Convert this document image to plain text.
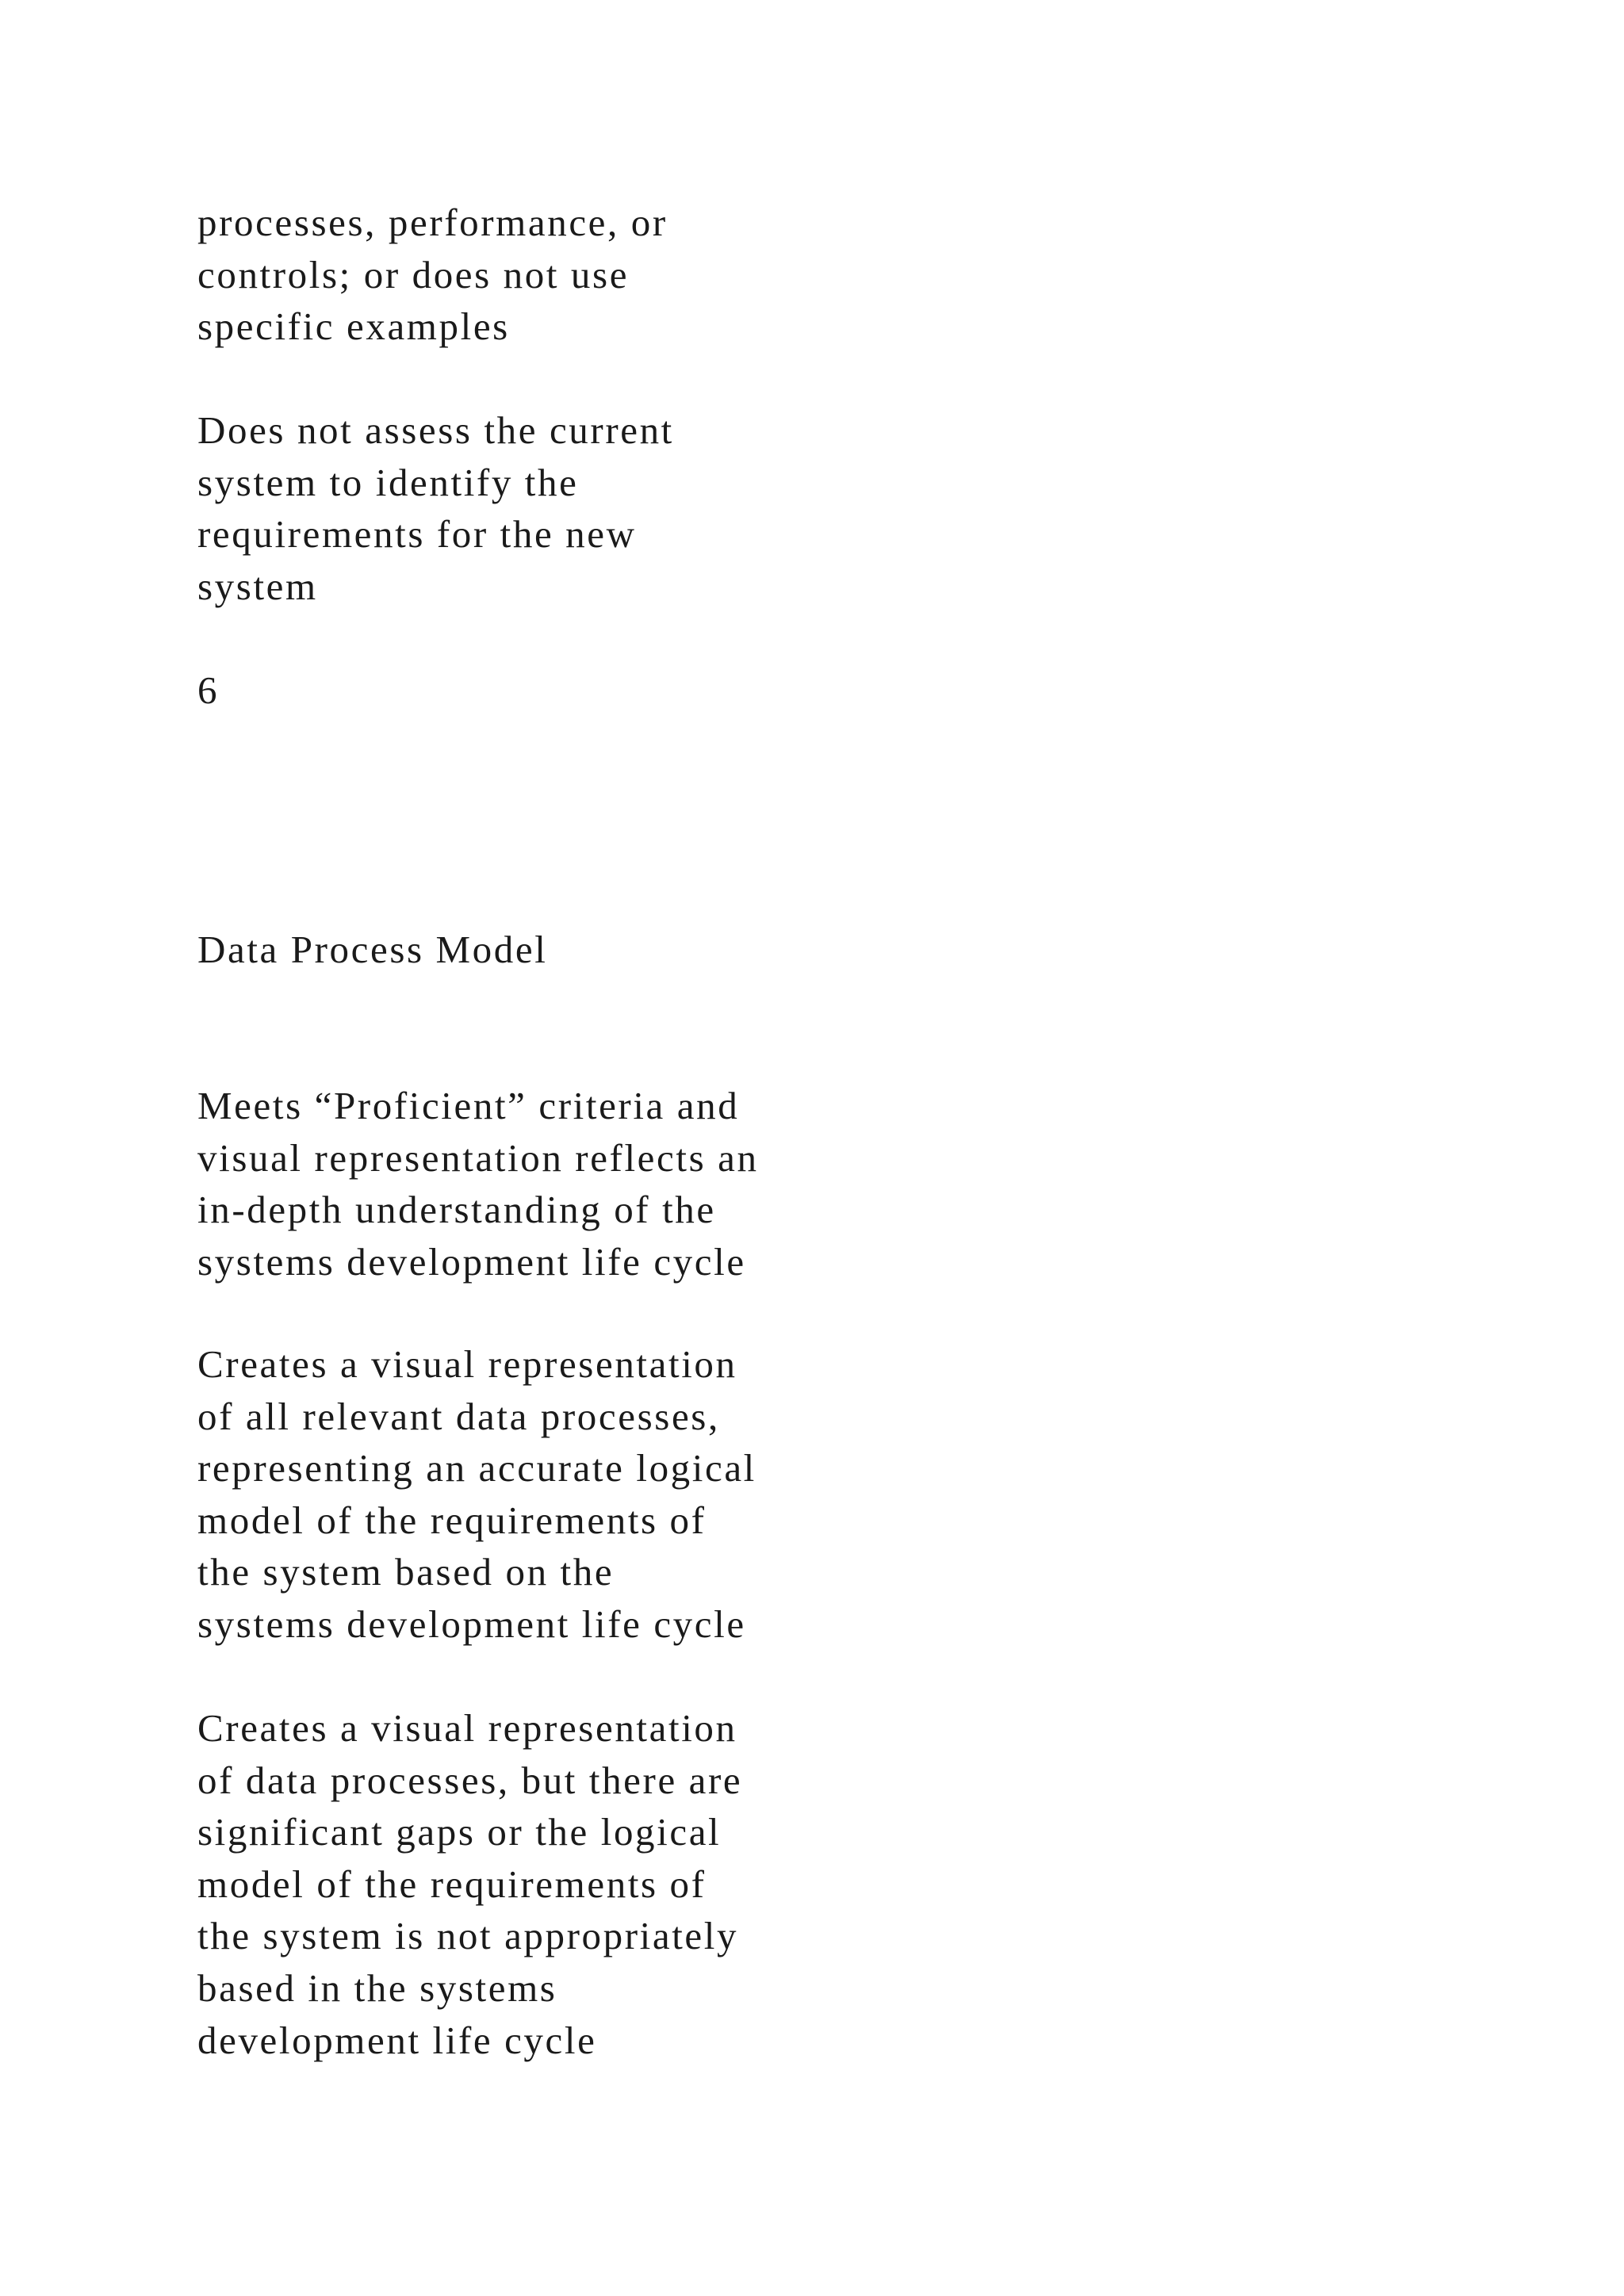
processes, performance, or
controls; or does not use
specific examples

Does not assess the current
system to identify the
requirements for the new
system

6

Data Process Model

Meets “Proficient” criteria and
visual representation reflects an
in-depth understanding of the
systems development life cycle

Creates a visual representation
of all relevant data processes,
representing an accurate logical
model of the requirements of
the system based on the
systems development life cycle

Creates a visual representation
of data processes, but there are
significant gaps or the logical
model of the requirements of
the system is not appropriately
based in the systems
development life cycle
